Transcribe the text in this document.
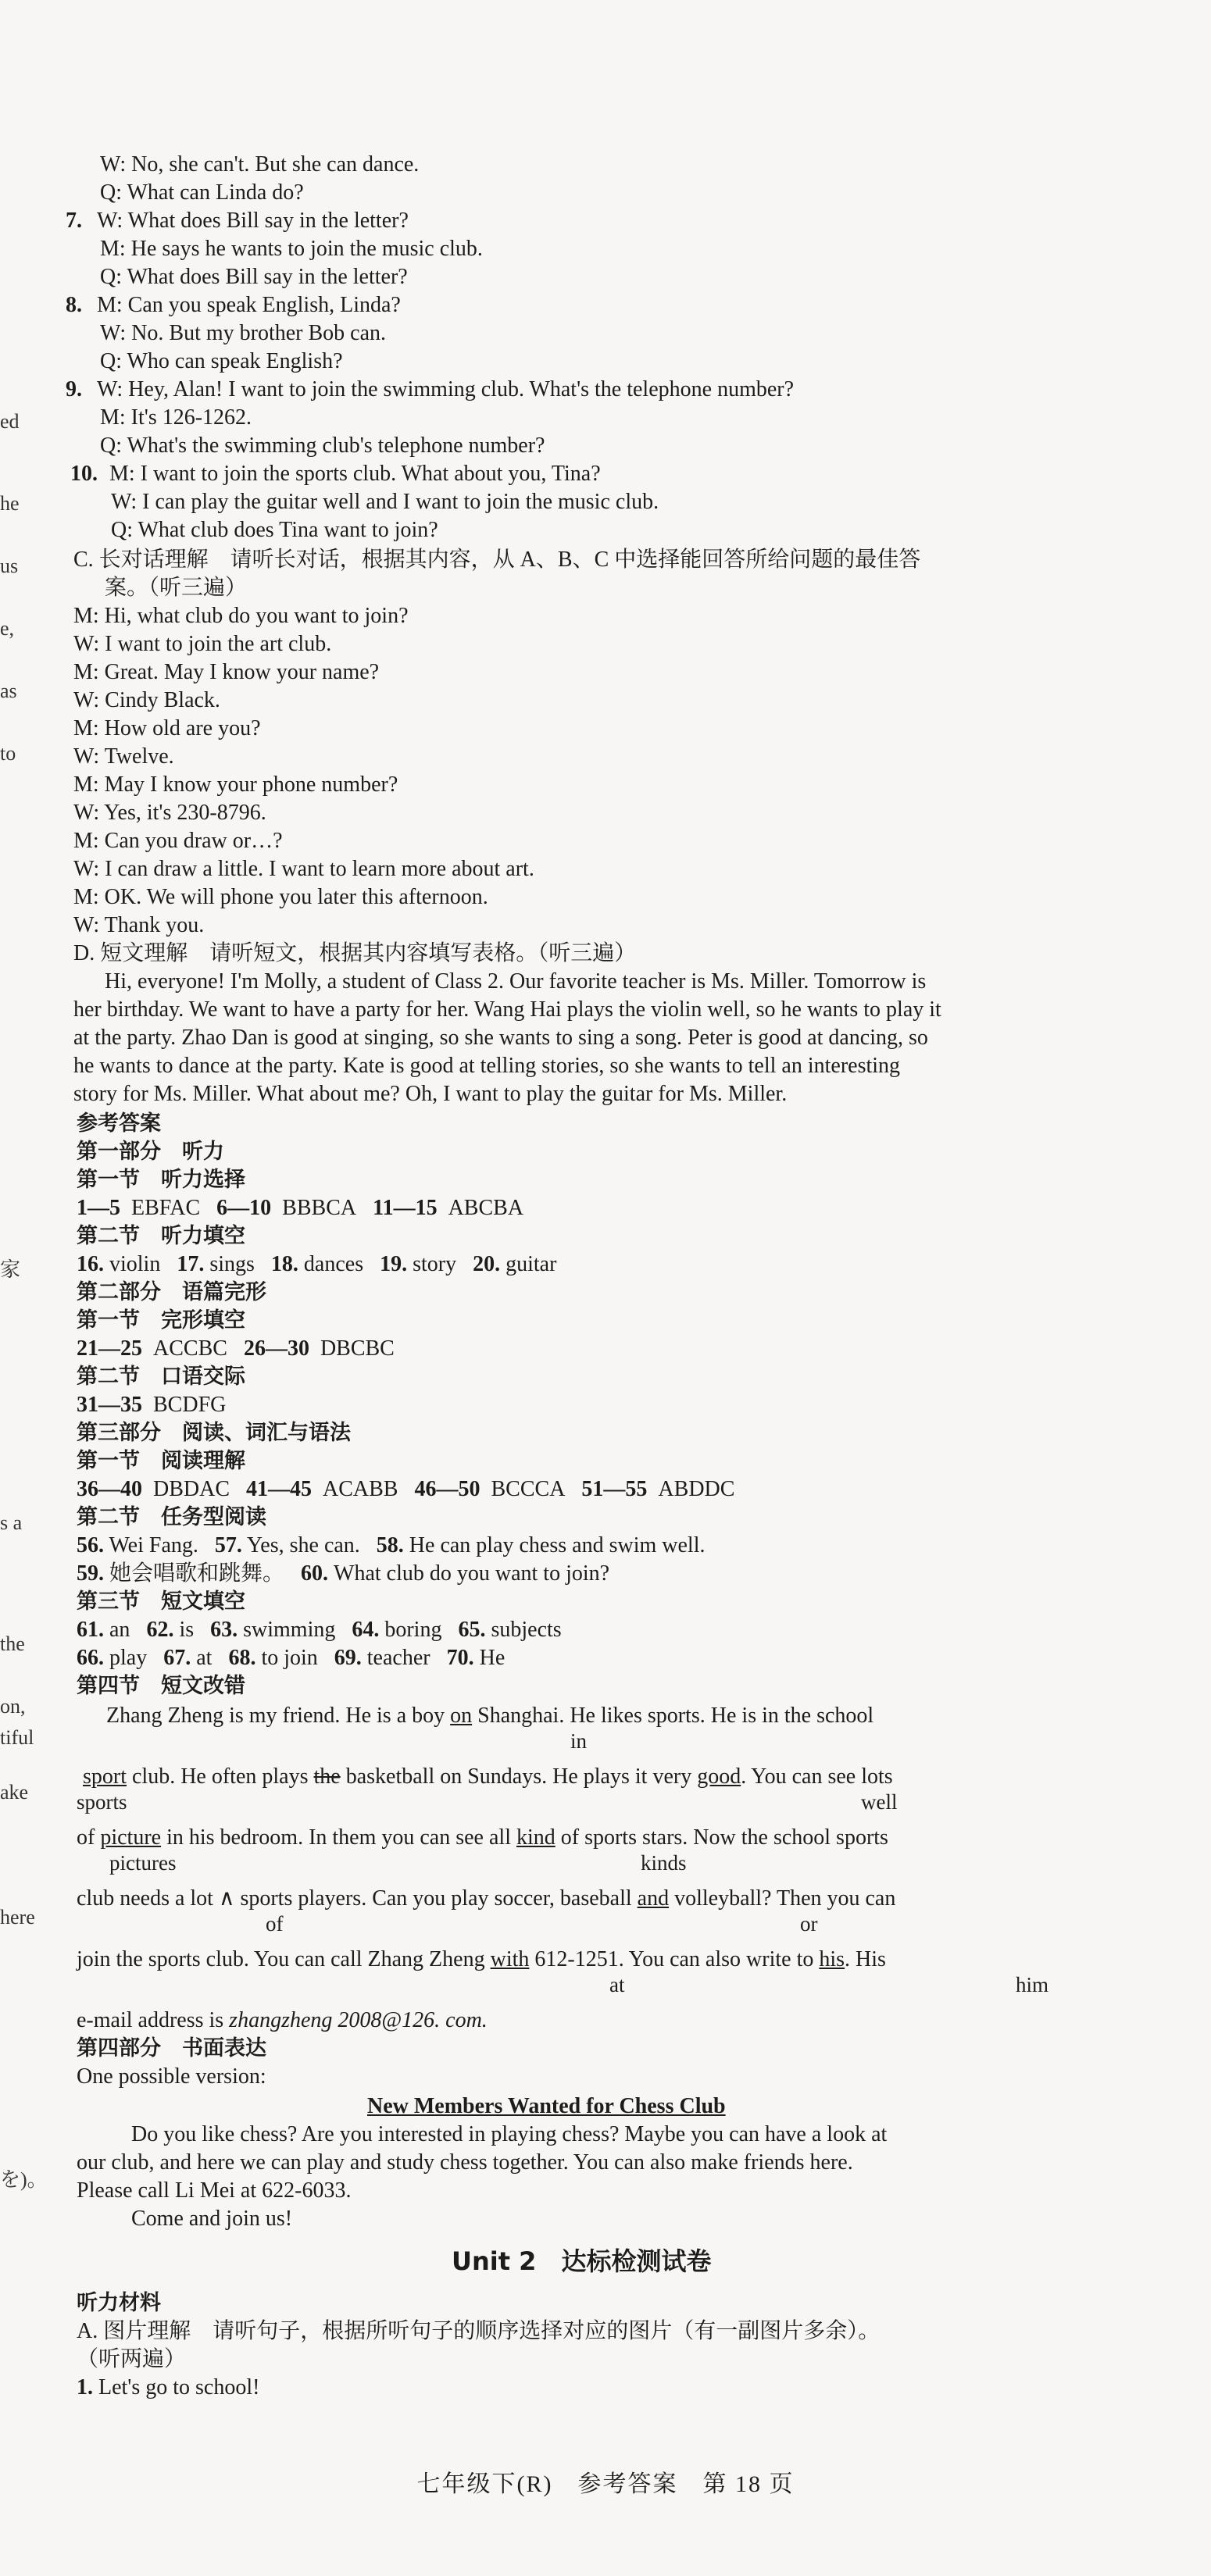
ed
he
us
e,
as
to
家
s a
the
on,
tiful
ake
here
を)。
W: No, she can't. But she can dance.
Q: What can Linda do?
7. W: What does Bill say in the letter?
M: He says he wants to join the music club.
Q: What does Bill say in the letter?
8. M: Can you speak English, Linda?
W: No. But my brother Bob can.
Q: Who can speak English?
9. W: Hey, Alan! I want to join the swimming club. What's the telephone number?
M: It's 126-1262.
Q: What's the swimming club's telephone number?
10. M: I want to join the sports club. What about you, Tina?
W: I can play the guitar well and I want to join the music club.
Q: What club does Tina want to join?
C. 长对话理解　请听长对话，根据其内容，从 A、B、C 中选择能回答所给问题的最佳答
案。（听三遍）
M: Hi, what club do you want to join?
W: I want to join the art club.
M: Great. May I know your name?
W: Cindy Black.
M: How old are you?
W: Twelve.
M: May I know your phone number?
W: Yes, it's 230-8796.
M: Can you draw or…?
W: I can draw a little. I want to learn more about art.
M: OK. We will phone you later this afternoon.
W: Thank you.
D. 短文理解　请听短文，根据其内容填写表格。（听三遍）
Hi, everyone! I'm Molly, a student of Class 2. Our favorite teacher is Ms. Miller. Tomorrow is
her birthday. We want to have a party for her. Wang Hai plays the violin well, so he wants to play it
at the party. Zhao Dan is good at singing, so she wants to sing a song. Peter is good at dancing, so
he wants to dance at the party. Kate is good at telling stories, so she wants to tell an interesting
story for Ms. Miller. What about me? Oh, I want to play the guitar for Ms. Miller.
参考答案
第一部分　听力
第一节　听力选择
1—5 EBFAC 6—10 BBBCA 11—15 ABCBA
第二节　听力填空
16. violin 17. sings 18. dances 19. story 20. guitar
第二部分　语篇完形
第一节　完形填空
21—25 ACCBC 26—30 DBCBC
第二节　口语交际
31—35 BCDFG
第三部分　阅读、词汇与语法
第一节　阅读理解
36—40 DBDAC 41—45 ACABB 46—50 BCCCA 51—55 ABDDC
第二节　任务型阅读
56. Wei Fang. 57. Yes, she can. 58. He can play chess and swim well.
59. 她会唱歌和跳舞。 60. What club do you want to join?
第三节　短文填空
61. an 62. is 63. swimming 64. boring 65. subjects
66. play 67. at 68. to join 69. teacher 70. He
第四节　短文改错
Zhang Zheng is my friend. He is a boy on Shanghai. He likes sports. He is in the school
in
sport club. He often plays the basketball on Sundays. He plays it very good. You can see lots
sports	well
of picture in his bedroom. In them you can see all kind of sports stars. Now the school sports
pictures	kinds
club needs a lot ∧ sports players. Can you play soccer, baseball and volleyball? Then you can
of	or
join the sports club. You can call Zhang Zheng with 612-1251. You can also write to his. His
at	him
e-mail address is zhangzheng 2008@126. com.
第四部分　书面表达
One possible version:
New Members Wanted for Chess Club
Do you like chess? Are you interested in playing chess? Maybe you can have a look at
our club, and here we can play and study chess together. You can also make friends here.
Please call Li Mei at 622-6033.
Come and join us!
Unit 2　达标检测试卷
听力材料
A. 图片理解　请听句子，根据所听句子的顺序选择对应的图片（有一副图片多余）。
（听两遍）
1. Let's go to school!
七年级下(R)　参考答案　第 18 页
